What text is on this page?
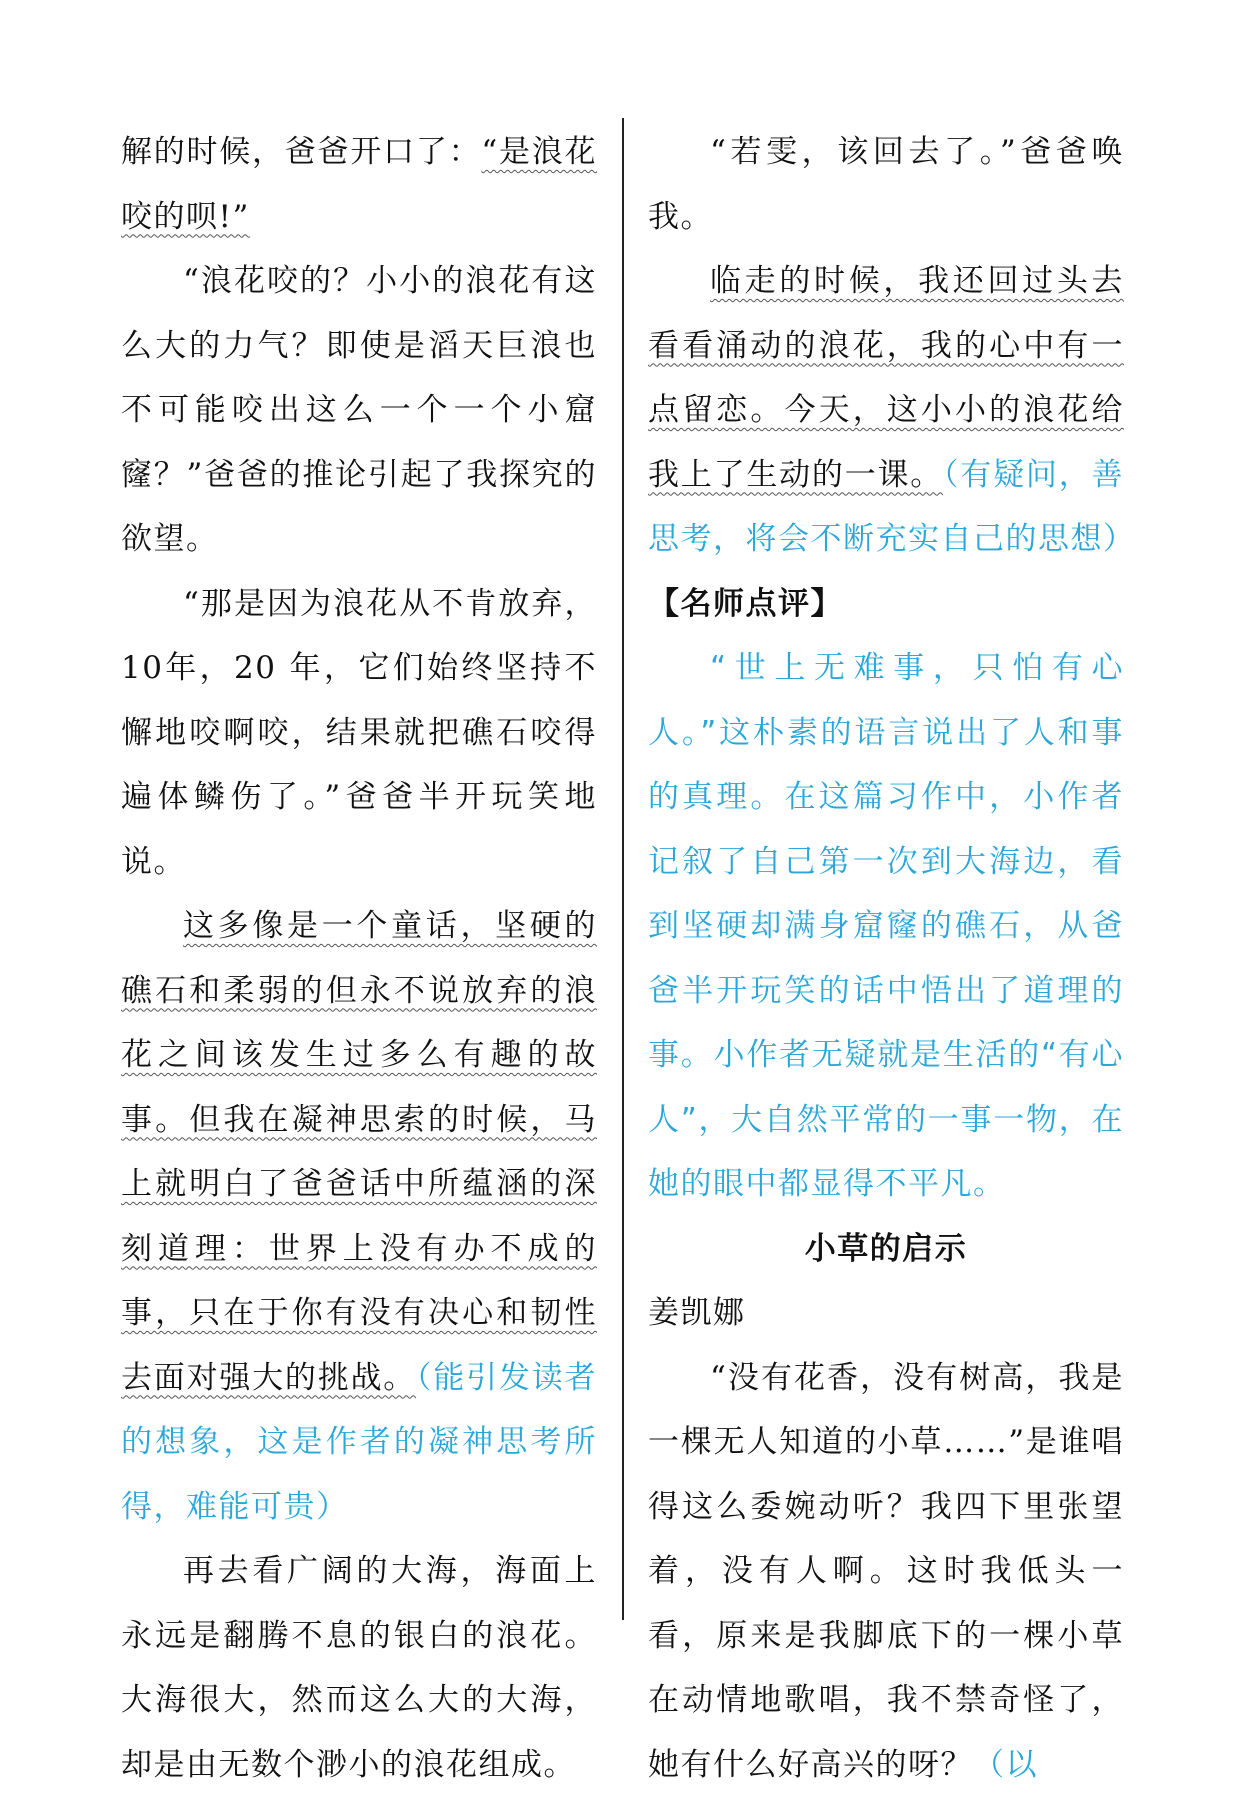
解的时候，爸爸开口了：“是浪花咬的呗!”

“浪花咬的？小小的浪花有这么大的力气？即使是滔天巨浪也不可能咬出这么一个一个小窟窿？”爸爸的推论引起了我探究的欲望。

“那是因为浪花从不肯放弃，10年，20 年，它们始终坚持不懈地咬啊咬，结果就把礁石咬得遍体鳞伤了。”爸爸半开玩笑地说。

这多像是一个童话，坚硬的礁石和柔弱的但永不说放弃的浪花之间该发生过多么有趣的故事。但我在凝神思索的时候，马上就明白了爸爸话中所蕴涵的深刻道理：世界上没有办不成的事，只在于你有没有决心和韧性去面对强大的挑战。（能引发读者的想象，这是作者的凝神思考所得，难能可贵）

再去看广阔的大海，海面上永远是翻腾不息的银白的浪花。大海很大，然而这么大的大海，却是由无数个渺小的浪花组成。

“若雯，该回去了。”爸爸唤我。

临走的时候，我还回过头去看看涌动的浪花，我的心中有一点留恋。今天，这小小的浪花给我上了生动的一课。（有疑问，善思考，将会不断充实自己的思想）

【名师点评】

“世上无难事，只怕有心人。”这朴素的语言说出了人和事的真理。在这篇习作中，小作者记叙了自己第一次到大海边，看到坚硬却满身窟窿的礁石，从爸爸半开玩笑的话中悟出了道理的事。小作者无疑就是生活的“有心人”，大自然平常的一事一物，在她的眼中都显得不平凡。

小草的启示

姜凯娜

“没有花香，没有树高，我是一棵无人知道的小草……”是谁唱得这么委婉动听？我四下里张望着，没有人啊。这时我低头一看，原来是我脚底下的一棵小草在动情地歌唱，我不禁奇怪了，她有什么好高兴的呀？（以
